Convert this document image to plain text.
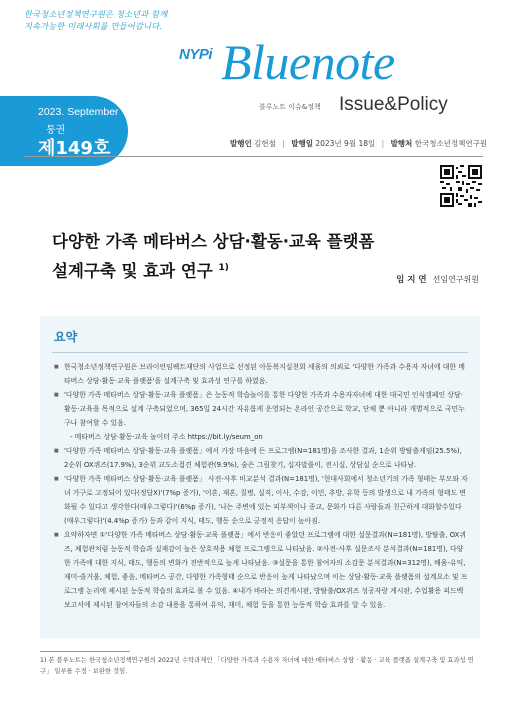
한국청소년정책연구원은 청소년과 함께
지속가능한 미래사회를 만들어갑니다.
NYPi Bluenote
블루노트 이슈&정책 Issue&Policy
2023. September
통권
제149호	발행인 김현철 | 발행일 2023년 9월 18일 | 발행처 한국청소년정책연구원
다양한 가족 메타버스 상담·활동·교육 플랫폼
설계구축 및 효과 연구 $^{1)}$
임 지 연 선임연구위원
요약

■ 한국청소년정책연구원은 브라이언임팩트재단의 사업으로 선정된 아동복지실천회 세움의 의뢰로 '다양한 가족과 수용자 자녀에 대한 메타버스 상담·활동·교육 플랫폼'을 설계구축 및 효과성 연구를 하였음.

■ '다양한 가족 메타버스 상담·활동·교육 플랫폼」은 능동적 학습놀이를 통한 다양한 가족과 수용자자녀에 대한 대국민 인식캠페인 상담·활동·교육을 목적으로 설계 구축되었으며, 365일 24시간 자유롭게 운영되는 온라인 공간으로 학교, 단체 뿐 아니라 개별적으로 국민누구나 참여할 수 있음.

- 메타버스 상담·활동·교육 놀이터 주소 https://bit.ly/seum_on

■ '다양한 가족 메타버스 상담·활동·교육 플랫폼」에서 가장 마음에 든 프로그램(N=181명)을 조사한 결과, 1순위 방탈출게임(25.5%), 2순위 OX퀴즈(17.9%), 3순위 교도소접견 체험관(9.9%), 숨은 그림찾기, 십자말풀이, 전시실, 상담실 순으로 나타남.

■ '다양한 가족 메타버스 상담·활동·교육 플랫폼」 사전-사후 비교분석 결과(N=181명), '현대사회에서 청소년기의 가족 형태는 부모와 자녀 가구로 고정되어 있다(정답X)'(7%p 증가), '이혼, 재혼, 질병, 실직, 이사, 수감, 이민, 추방, 유학 등의 발생으로 내 가족의 형태도 변화될 수 있다고 생각한다(매우그렇다)'(6%p 증가), '나는 주변에 있는 피부색이나 종교, 문화가 다른 사람들과 친근하게 대화할수있다(매우그렇다)'(4.4%p 증가) 등과 같이 지식, 태도, 행동 순으로 긍정적 응답이 높아짐.

■ 요약하자면 ①'다양한 가족 메타버스 상담·활동·교육 플랫폼」에서 반응이 좋았던 프로그램에 대한 설문결과(N=181명), 방탈출, OX퀴즈, 체험관처럼 능동적 학습과 실재감이 높은 상호작용 체험 프로그램으로 나타났음. ②사전-사후 설문조사 분석결과(N=181명), 다양한 가족에 대한 지식, 태도, 행동의 변화가 전반적으로 높게 나타났음. ③설문을 통한 참여자의 소감문 분석결과(N=312명), 배움-유익, 재미-즐거움, 체험, 좋음, 메타버스 공간, 다양한 가족형태 순으로 반응이 높게 나타났으며 이는 상담·활동·교육 플랫폼의 설계요소 및 프로그램 논리에 제시된 능동적 학습의 효과로 볼 수 있음. ④내가 바라는 의견게시판, 방탈출/OX퀴즈 성공자랑 게시판, 수업활용 피드백 보고서에 제시된 참여자들의 소감 내용을 통하여 유익, 재미, 체험 등을 통한 능동적 학습 효과를 알 수 있음.

1) 본 블루노트는 한국청소년정책연구원의 2022년 수탁과제인 「다양한 가족과 수용자 자녀에 대한 메타버스 상담 · 활동 · 교육 플랫폼 설계구축 및 효과성 연구」 일부를 수정 · 보완한 것임.
